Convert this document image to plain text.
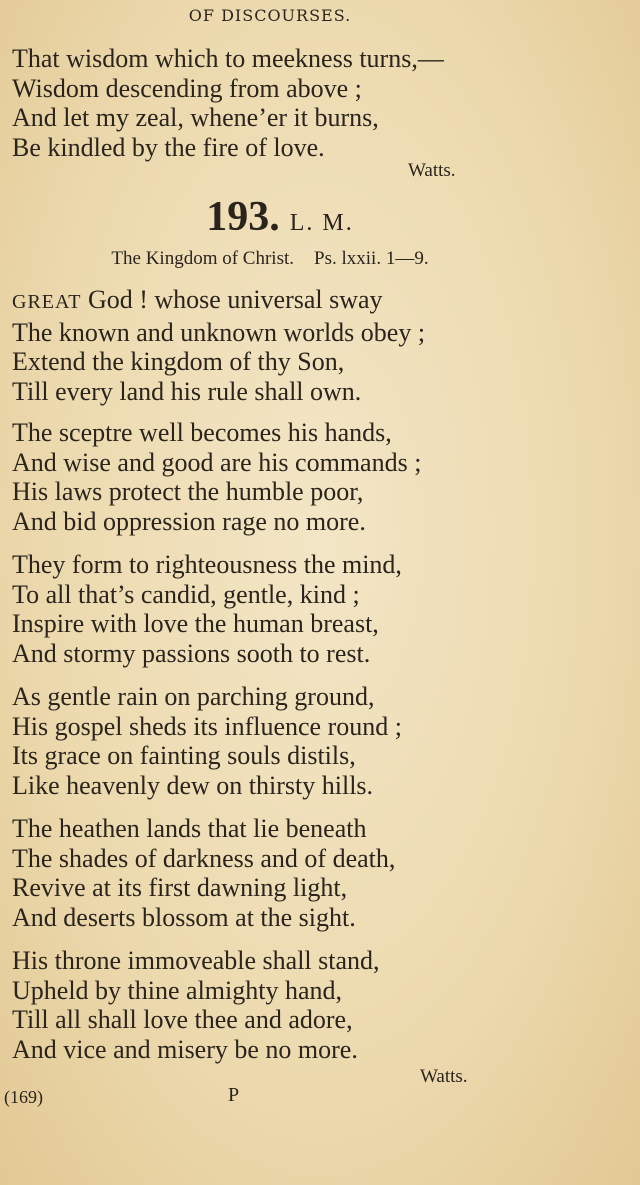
OF DISCOURSES.

That wisdom which to meekness turns,—

Wisdom descending from above ;

And let my zeal, whene’er it burns,

Be kindled by the fire of love.

Watts.
193. L. M.
The Kingdom of Christ. Ps. lxxii. 1—9.

GREAT God ! whose universal sway

The known and unknown worlds obey ;

Extend the kingdom of thy Son,

Till every land his rule shall own.

The sceptre well becomes his hands,

And wise and good are his commands ;

His laws protect the humble poor,

And bid oppression rage no more.

They form to righteousness the mind,

To all that’s candid, gentle, kind ;

Inspire with love the human breast,

And stormy passions sooth to rest.

As gentle rain on parching ground,

His gospel sheds its influence round ;

Its grace on fainting souls distils,

Like heavenly dew on thirsty hills.

The heathen lands that lie beneath

The shades of darkness and of death,

Revive at its first dawning light,

And deserts blossom at the sight.

His throne immoveable shall stand,

Upheld by thine almighty hand,

Till all shall love thee and adore,

And vice and misery be no more.

Watts.
(169)	P
